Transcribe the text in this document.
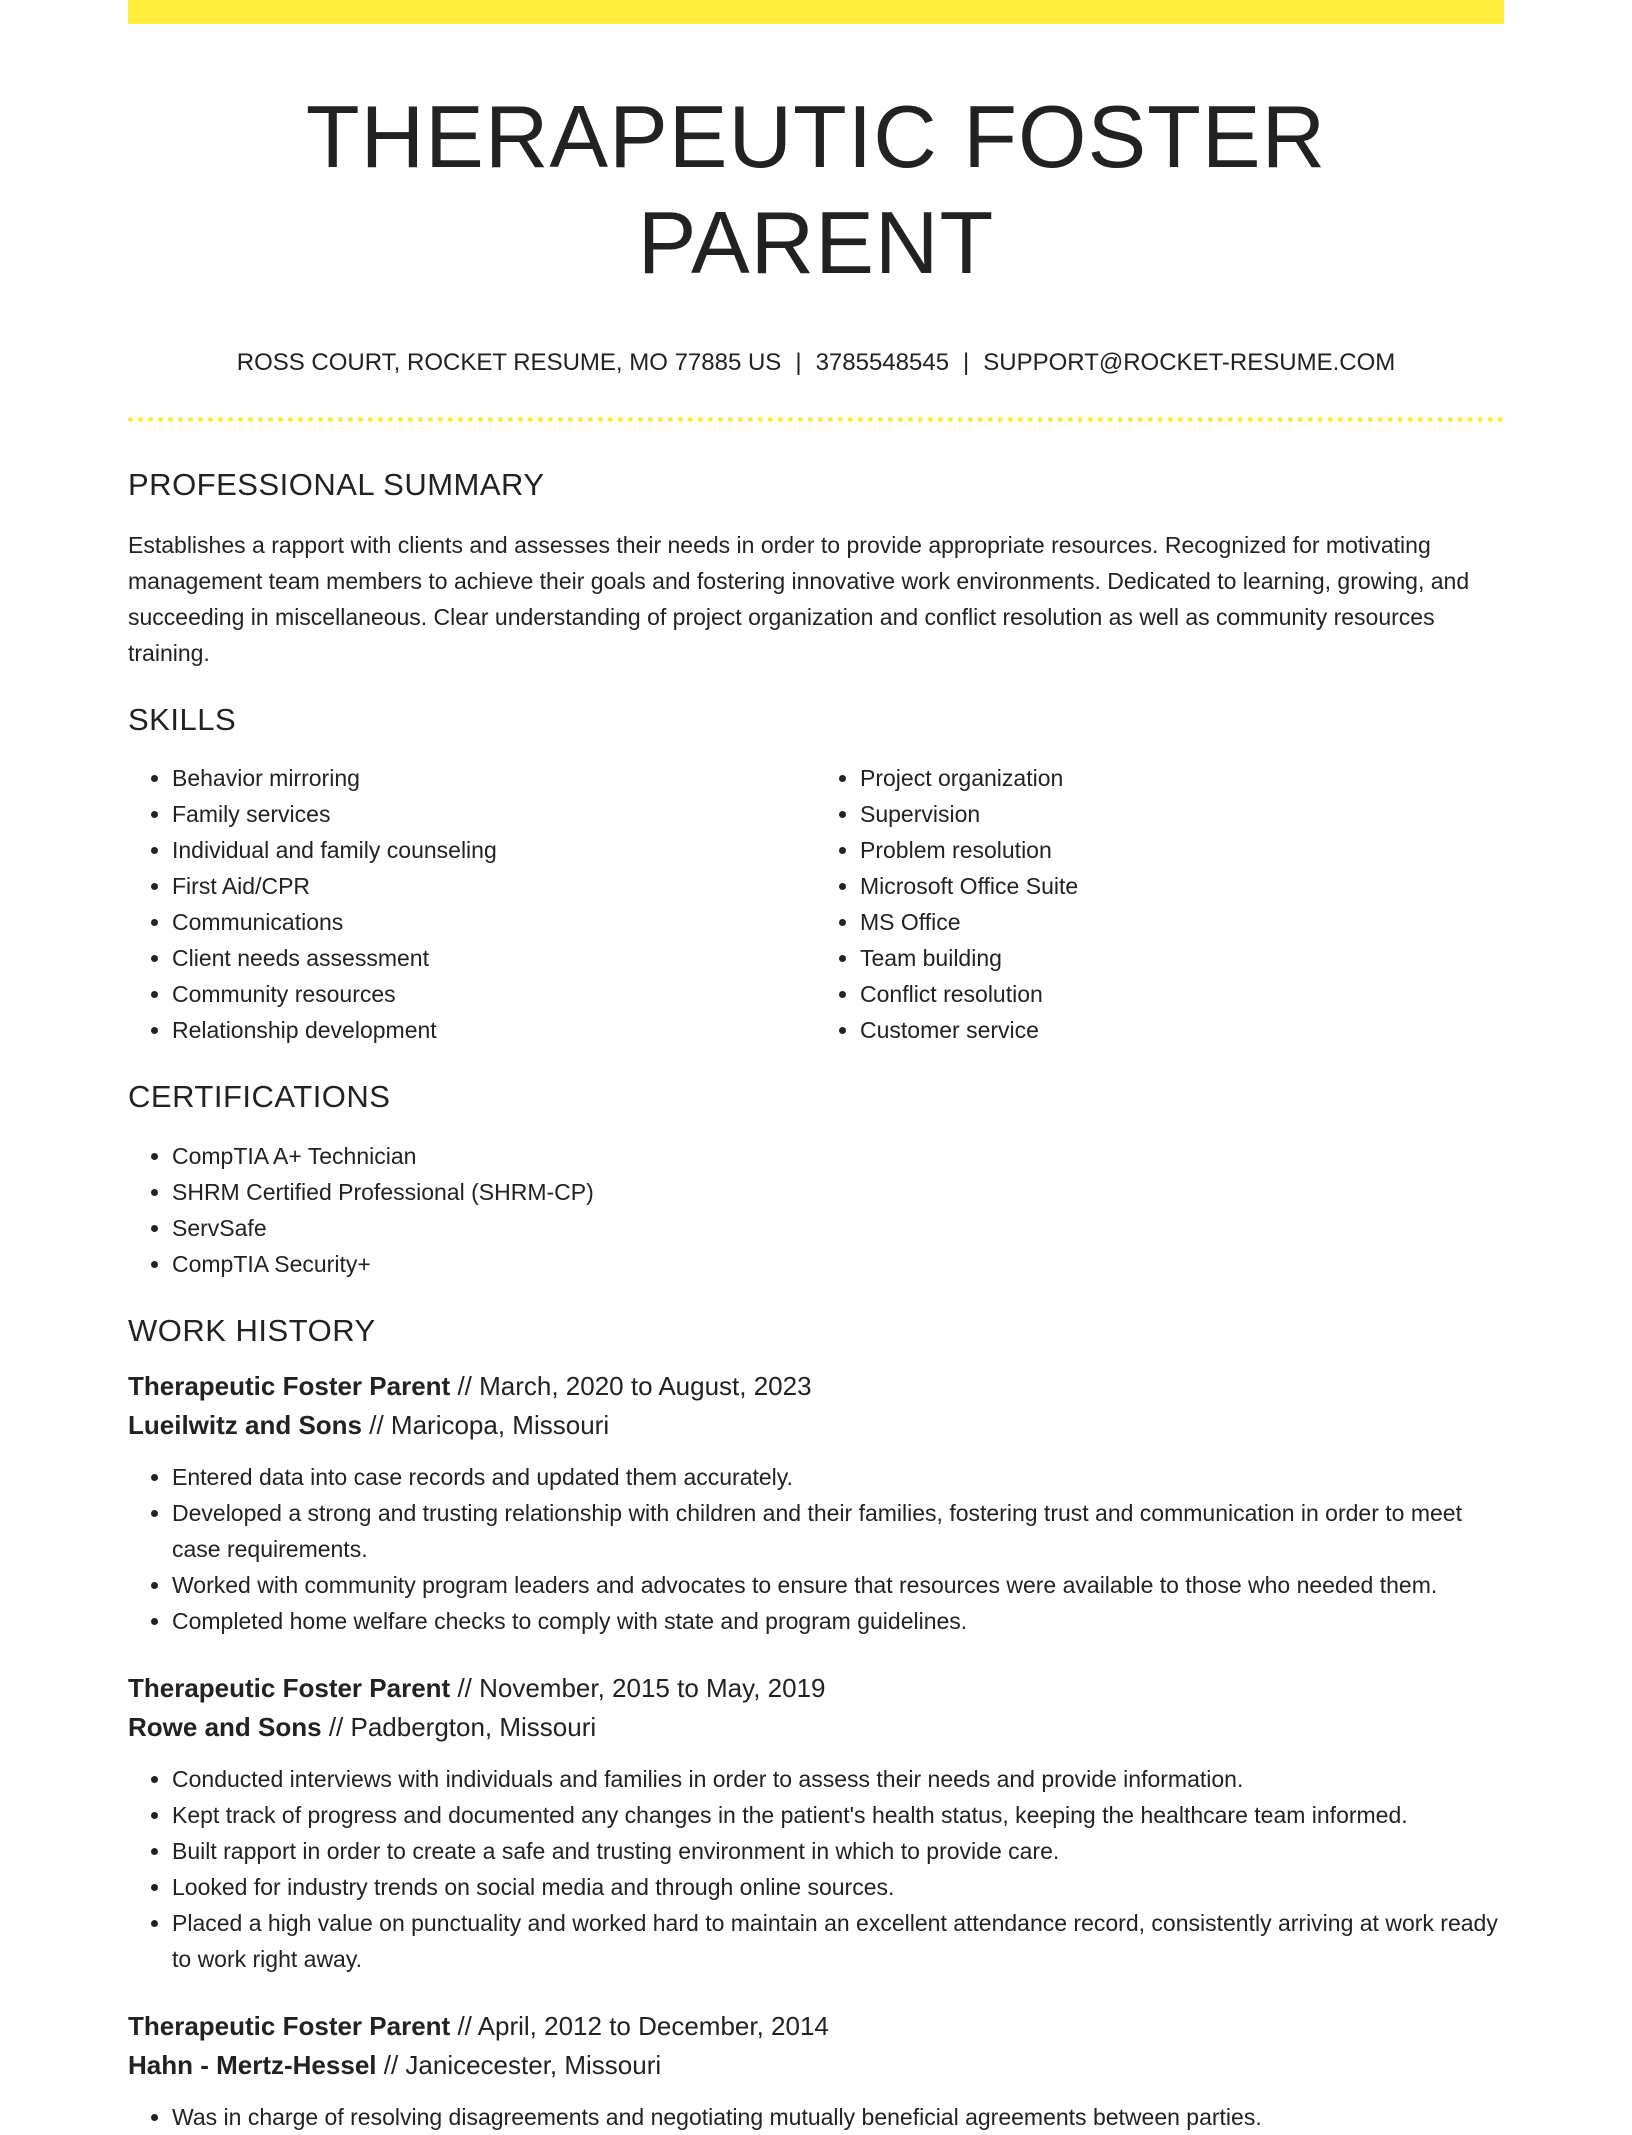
THERAPEUTIC FOSTER PARENT
ROSS COURT, ROCKET RESUME, MO 77885 US | 3785548545 | SUPPORT@ROCKET-RESUME.COM
PROFESSIONAL SUMMARY

Establishes a rapport with clients and assesses their needs in order to provide appropriate resources. Recognized for motivating management team members to achieve their goals and fostering innovative work environments. Dedicated to learning, growing, and succeeding in miscellaneous. Clear understanding of project organization and conflict resolution as well as community resources training.

SKILLS
• Behavior mirroring
• Family services
• Individual and family counseling
• First Aid/CPR
• Communications
• Client needs assessment
• Community resources
• Relationship development
• Project organization
• Supervision
• Problem resolution
• Microsoft Office Suite
• MS Office
• Team building
• Conflict resolution
• Customer service
CERTIFICATIONS
• CompTIA A+ Technician
• SHRM Certified Professional (SHRM-CP)
• ServSafe
• CompTIA Security+
WORK HISTORY
Therapeutic Foster Parent // March, 2020 to August, 2023
Lueilwitz and Sons // Maricopa, Missouri
• Entered data into case records and updated them accurately.
• Developed a strong and trusting relationship with children and their families, fostering trust and communication in order to meet case requirements.
• Worked with community program leaders and advocates to ensure that resources were available to those who needed them.
• Completed home welfare checks to comply with state and program guidelines.
Therapeutic Foster Parent // November, 2015 to May, 2019
Rowe and Sons // Padbergton, Missouri
• Conducted interviews with individuals and families in order to assess their needs and provide information.
• Kept track of progress and documented any changes in the patient's health status, keeping the healthcare team informed.
• Built rapport in order to create a safe and trusting environment in which to provide care.
• Looked for industry trends on social media and through online sources.
• Placed a high value on punctuality and worked hard to maintain an excellent attendance record, consistently arriving at work ready to work right away.
Therapeutic Foster Parent // April, 2012 to December, 2014
Hahn - Mertz-Hessel // Janicecester, Missouri
• Was in charge of resolving disagreements and negotiating mutually beneficial agreements between parties.
